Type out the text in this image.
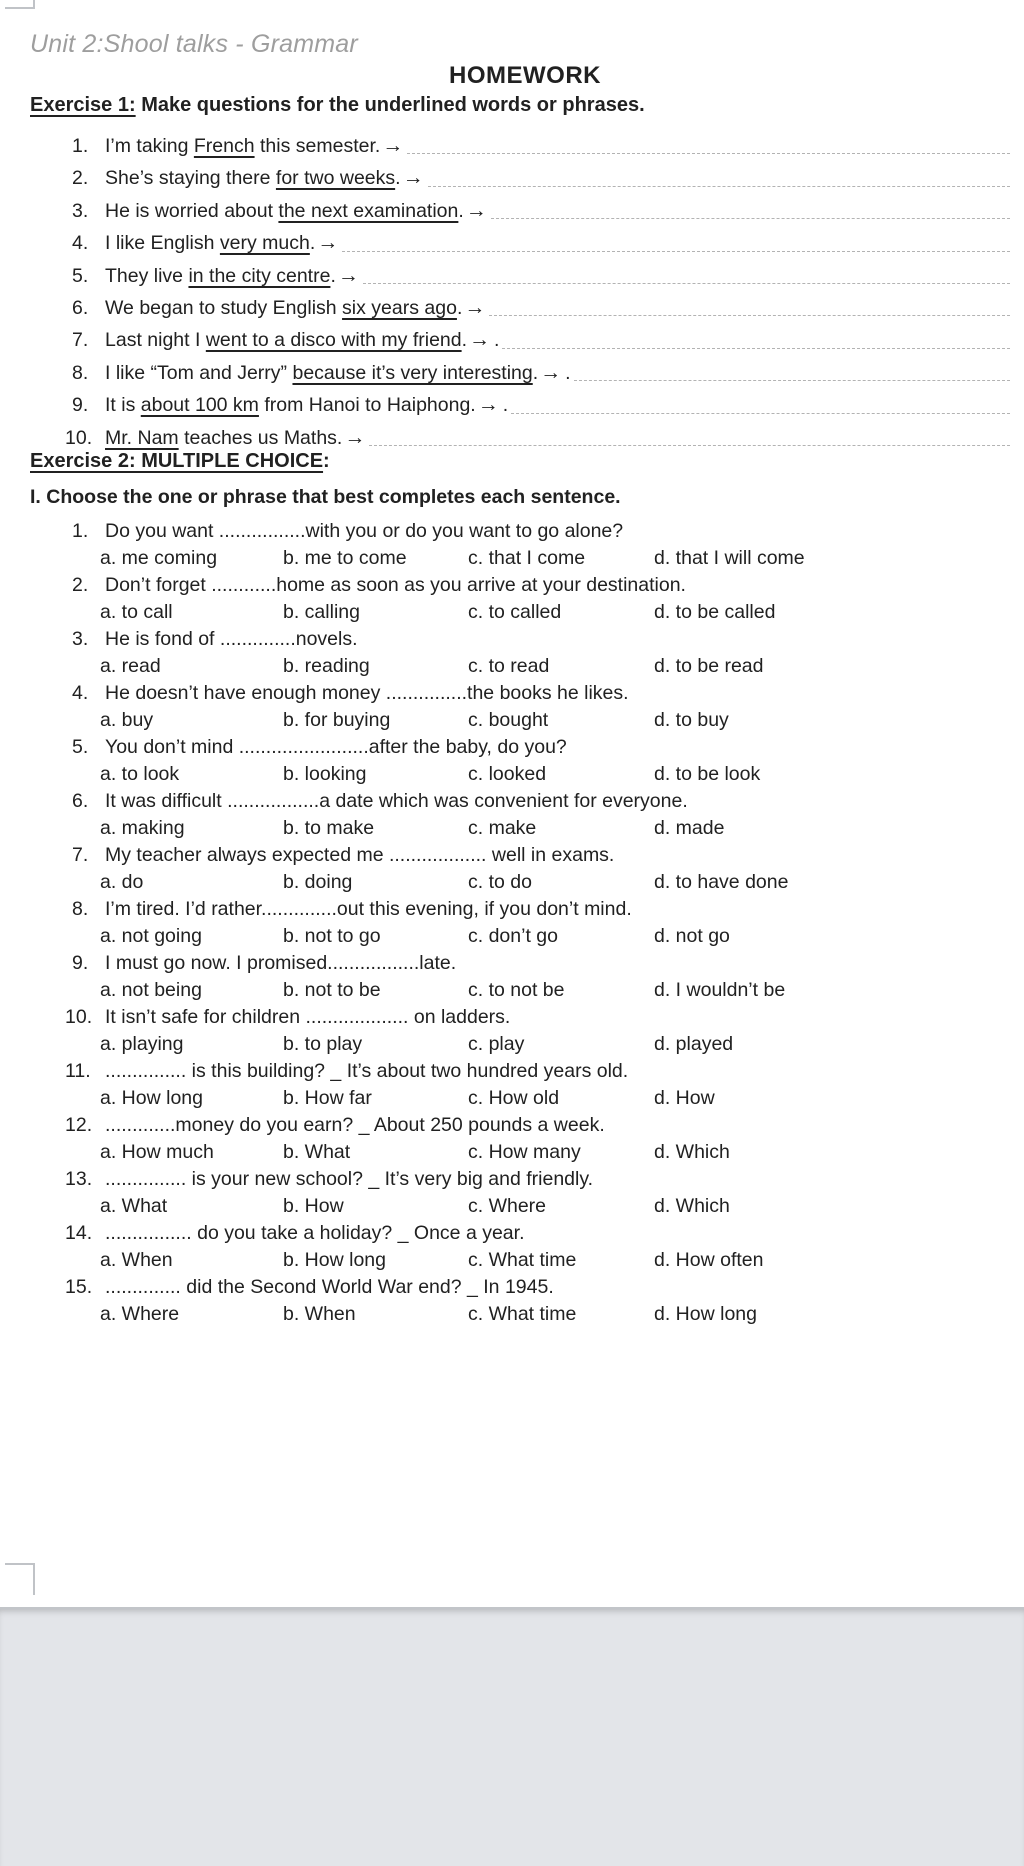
Unit 2:Shool talks - Grammar
HOMEWORK
Exercise 1: Make questions for the underlined words or phrases.
1. I’m taking French this semester. →
2. She’s staying there for two weeks. →
3. He is worried about the next examination. →
4. I like English very much. →
5. They live in the city centre. →
6. We began to study English six years ago. →
7. Last night I went to a disco with my friend. → .
8. I like “Tom and Jerry” because it’s very interesting. → .
9. It is about 100 km from Hanoi to Haiphong. → .
10. Mr. Nam teaches us Maths. →
Exercise 2: MULTIPLE CHOICE:
I. Choose the one or phrase that best completes each sentence.
1. Do you want ................with you or do you want to go alone?
a. me coming	b. me to come	c. that I come	d. that I will come
2. Don’t forget ............home as soon as you arrive at your destination.
a. to call	b. calling	c. to called	d. to be called
3. He is fond of ..............novels.
a. read	b. reading	c. to read	d. to be read
4. He doesn’t have enough money ...............the books he likes.
a. buy	b. for buying	c. bought	d. to buy
5. You don’t mind ........................after the baby, do you?
a. to look	b. looking	c. looked	d. to be look
6. It was difficult .................a date which was convenient for everyone.
a. making	b. to make	c. make	d. made
7. My teacher always expected me .................. well in exams.
a. do	b. doing	c. to do	d. to have done
8. I’m tired. I’d rather..............out this evening, if you don’t mind.
a. not going	b. not to go	c. don’t go	d. not go
9. I must go now. I promised.................late.
a. not being	b. not to be	c. to not be	d. I wouldn’t be
10. It isn’t safe for children ................... on ladders.
a. playing	b. to play	c. play	d. played
11. ............... is this building? _ It’s about two hundred years old.
a. How long	b. How far	c. How old	d. How
12. .............money do you earn? _ About 250 pounds a week.
a. How much	b. What	c. How many	d. Which
13. ............... is your new school? _ It’s very big and friendly.
a. What	b. How	c. Where	d. Which
14. ................ do you take a holiday? _ Once a year.
a. When	b. How long	c. What time	d. How often
15. .............. did the Second World War end? _ In 1945.
a. Where	b. When	c. What time	d. How long
